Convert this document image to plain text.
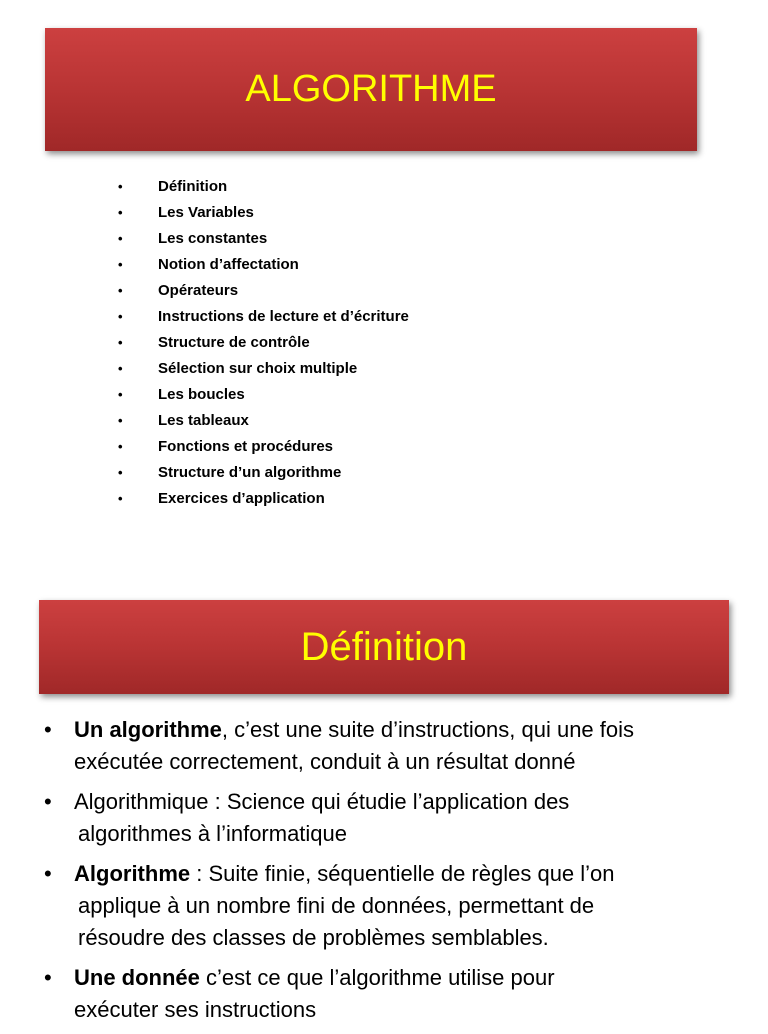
ALGORITHME
•	Définition
•	Les Variables
•	Les constantes
•	Notion d’affectation
•	Opérateurs
•	Instructions de lecture et d’écriture
•	Structure de contrôle
•	Sélection sur choix multiple
•	Les boucles
•	Les tableaux
•	Fonctions et procédures
•	Structure d’un algorithme
•	Exercices d’application
Définition
• Un algorithme, c’est une suite d’instructions, qui une fois
exécutée correctement, conduit à un résultat donné
• Algorithmique : Science qui étudie l’application des
algorithmes à l’informatique
• Algorithme : Suite finie, séquentielle de règles que l’on
applique à un nombre fini de données, permettant de
résoudre des classes de problèmes semblables.
• Une donnée c’est ce que l’algorithme utilise pour
exécuter ses instructions
